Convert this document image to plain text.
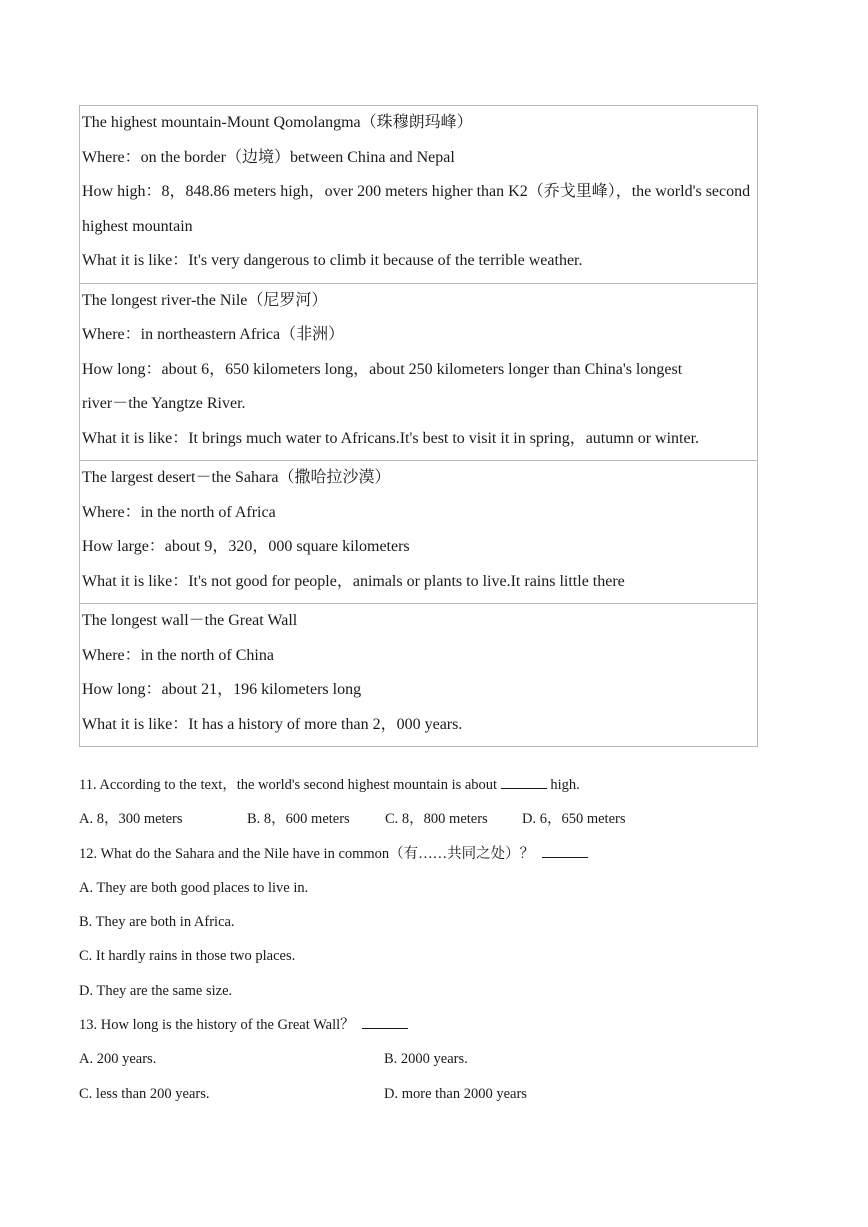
The highest mountain-Mount Qomolangma（珠穆朗玛峰）
Where：on the border（边境）between China and Nepal
How high：8，848.86 meters high，over 200 meters higher than K2（乔戈里峰），the world's second
highest mountain
What it is like：It's very dangerous to climb it because of the terrible weather.
The longest river-the Nile（尼罗河）
Where：in northeastern Africa（非洲）
How long：about 6，650 kilometers long，about 250 kilometers longer than China's longest
river－the Yangtze River.
What it is like：It brings much water to Africans.It's best to visit it in spring，autumn or winter.
The largest desert－the Sahara（撒哈拉沙漠）
Where：in the north of Africa
How large：about 9，320，000 square kilometers
What it is like：It's not good for people，animals or plants to live.It rains little there
The longest wall－the Great Wall
Where：in the north of China
How long：about 21，196 kilometers long
What it is like：It has a history of more than 2，000 years.
11. According to the text，the world's second highest mountain is about	high.
A. 8，300 meters	B. 8，600 meters C. 8，800 meters D. 6，650 meters
12. What do the Sahara and the Nile have in common（有……共同之处）？
A. They are both good places to live in.
B. They are both in Africa.
C. It hardly rains in those two places.
D. They are the same size.
13. How long is the history of the Great Wall？
A. 200 years.	B. 2000 years.
C. less than 200 years.	D. more than 2000 years
